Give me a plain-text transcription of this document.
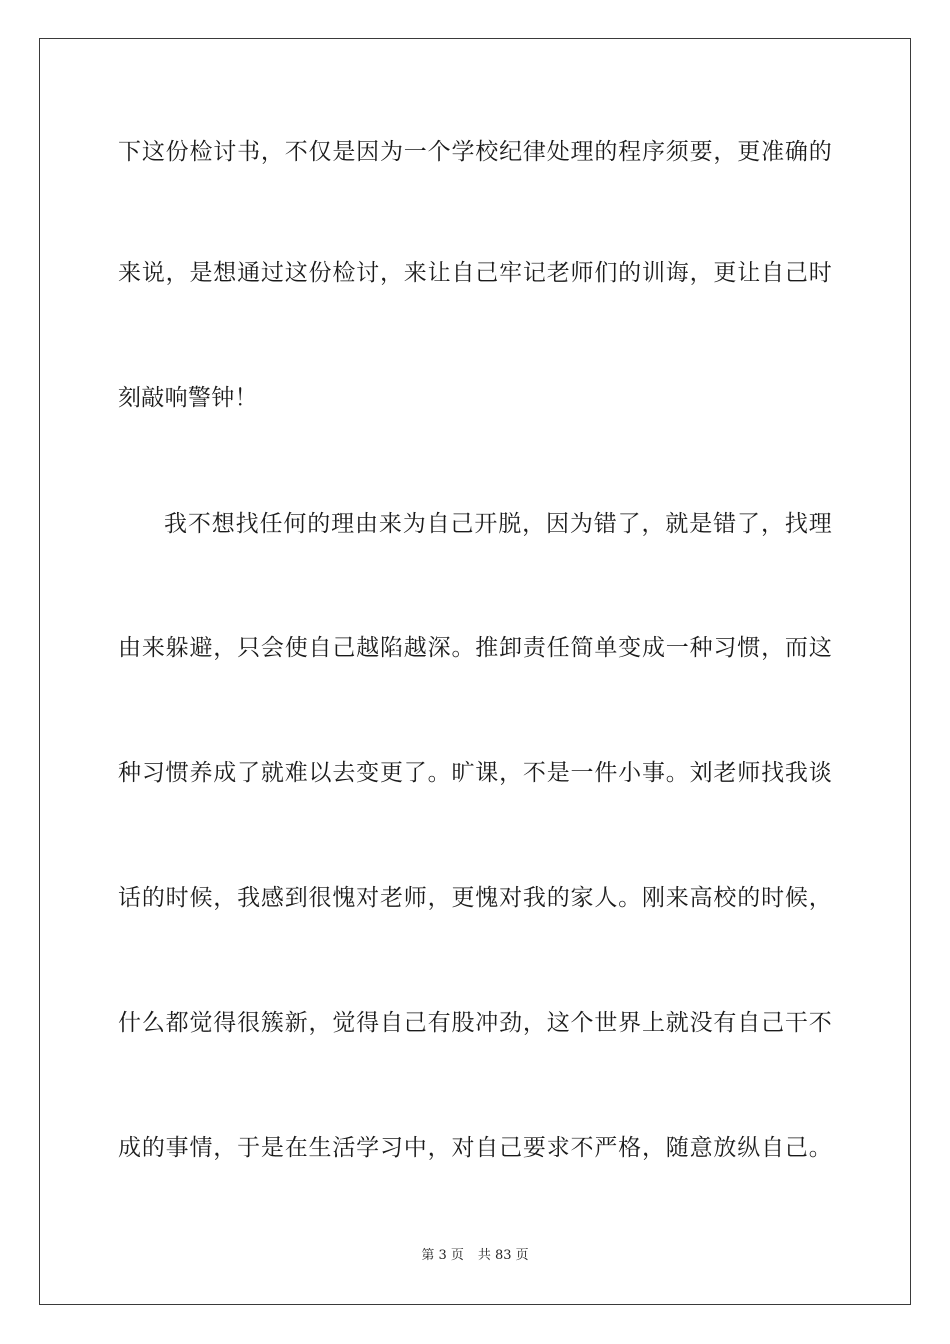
下这份检讨书，不仅是因为一个学校纪律处理的程序须要，更准确的
来说，是想通过这份检讨，来让自己牢记老师们的训诲，更让自己时
刻敲响警钟！
我不想找任何的理由来为自己开脱，因为错了，就是错了，找理
由来躲避，只会使自己越陷越深。推卸责任简单变成一种习惯，而这
种习惯养成了就难以去变更了。旷课，不是一件小事。刘老师找我谈
话的时候，我感到很愧对老师，更愧对我的家人。刚来高校的时候，
什么都觉得很簇新，觉得自己有股冲劲，这个世界上就没有自己干不
成的事情，于是在生活学习中，对自己要求不严格，随意放纵自己。
第 3 页 共 83 页
